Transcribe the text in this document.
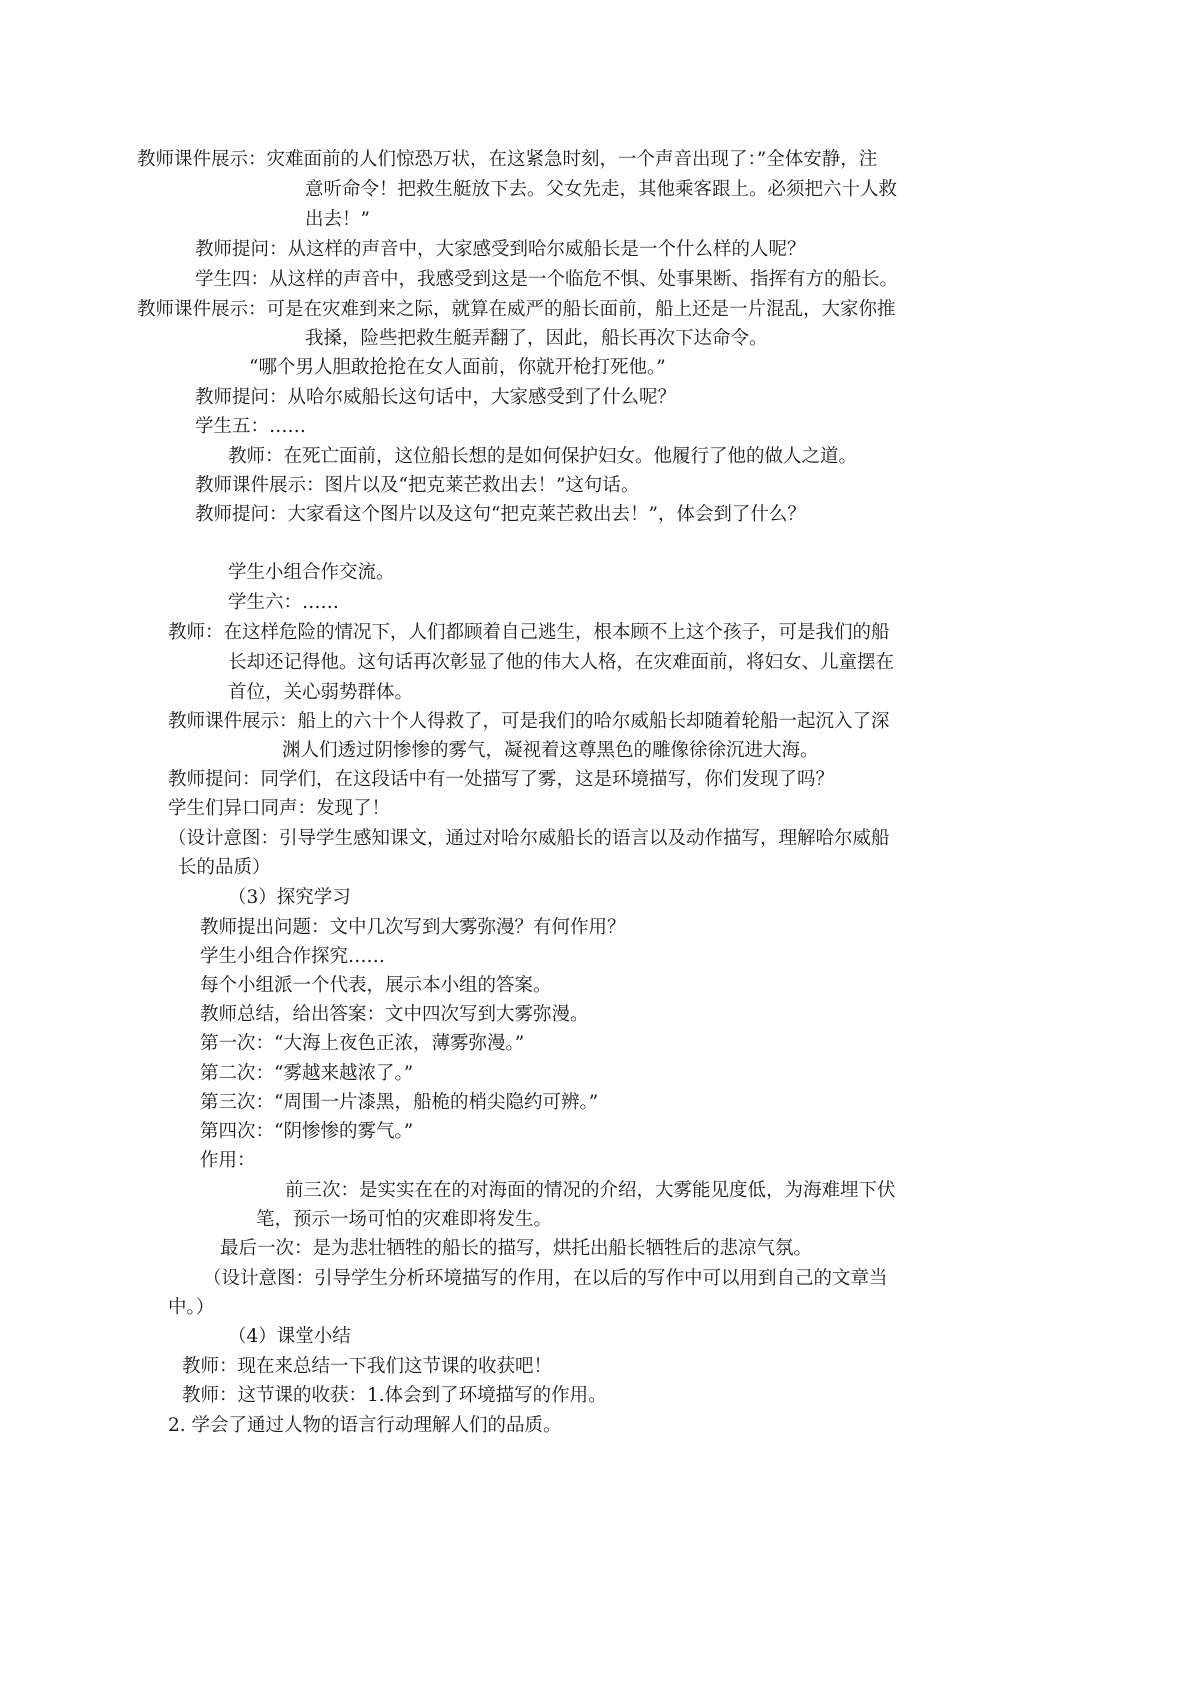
教师课件展示：灾难面前的人们惊恐万状，在这紧急时刻，一个声音出现了：”全体安静，注
意听命令！把救生艇放下去。父女先走，其他乘客跟上。必须把六十人救
出去！”
教师提问：从这样的声音中，大家感受到哈尔威船长是一个什么样的人呢？
学生四：从这样的声音中，我感受到这是一个临危不惧、处事果断、指挥有方的船长。
教师课件展示：可是在灾难到来之际，就算在威严的船长面前，船上还是一片混乱，大家你推
我搡，险些把救生艇弄翻了，因此，船长再次下达命令。
“哪个男人胆敢抢抢在女人面前，你就开枪打死他。”
教师提问：从哈尔威船长这句话中，大家感受到了什么呢？
学生五：……
教师：在死亡面前，这位船长想的是如何保护妇女。他履行了他的做人之道。
教师课件展示：图片以及“把克莱芒救出去！”这句话。
教师提问：大家看这个图片以及这句“把克莱芒救出去！”，体会到了什么？
学生小组合作交流。
学生六：……
教师：在这样危险的情况下，人们都顾着自己逃生，根本顾不上这个孩子，可是我们的船
长却还记得他。这句话再次彰显了他的伟大人格，在灾难面前，将妇女、儿童摆在
首位，关心弱势群体。
教师课件展示：船上的六十个人得救了，可是我们的哈尔威船长却随着轮船一起沉入了深
渊人们透过阴惨惨的雾气，凝视着这尊黑色的雕像徐徐沉进大海。
教师提问：同学们，在这段话中有一处描写了雾，这是环境描写，你们发现了吗？
学生们异口同声：发现了！
（设计意图：引导学生感知课文，通过对哈尔威船长的语言以及动作描写，理解哈尔威船
长的品质）
（3）探究学习
教师提出问题：文中几次写到大雾弥漫？有何作用？
学生小组合作探究……
每个小组派一个代表，展示本小组的答案。
教师总结，给出答案：文中四次写到大雾弥漫。
第一次：“大海上夜色正浓，薄雾弥漫。”
第二次：“雾越来越浓了。”
第三次：“周围一片漆黑，船桅的梢尖隐约可辨。”
第四次：“阴惨惨的雾气。”
作用：
前三次：是实实在在的对海面的情况的介绍，大雾能见度低，为海难埋下伏
笔，预示一场可怕的灾难即将发生。
最后一次：是为悲壮牺牲的船长的描写，烘托出船长牺牲后的悲凉气氛。
（设计意图：引导学生分析环境描写的作用，在以后的写作中可以用到自己的文章当
中。）
（4）课堂小结
教师：现在来总结一下我们这节课的收获吧！
教师：这节课的收获：1.体会到了环境描写的作用。
2. 学会了通过人物的语言行动理解人们的品质。
